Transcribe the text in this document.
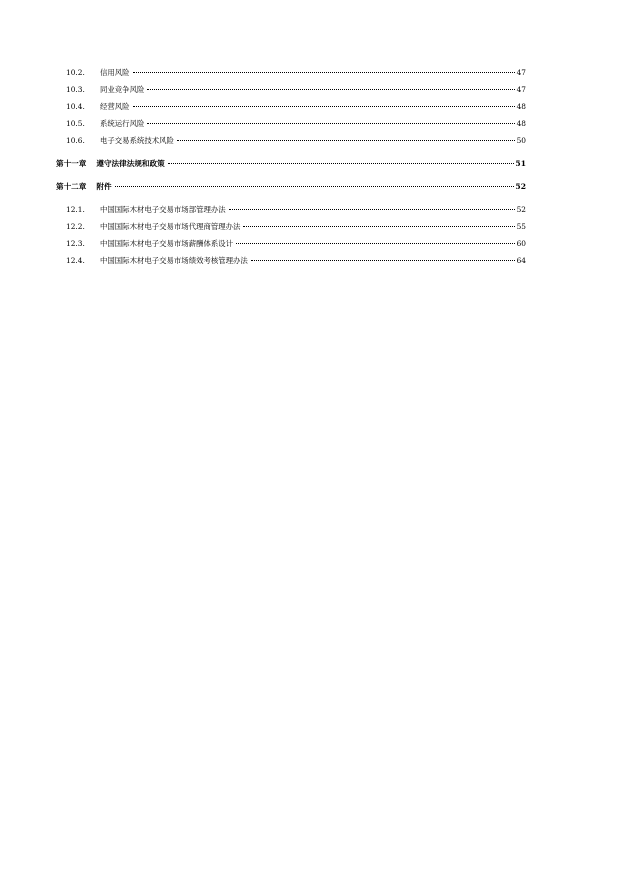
10.2.	信用风险	47
10.3.	同业竞争风险	47
10.4.	经营风险	48
10.5.	系统运行风险	48
10.6.	电子交易系统技术风险	50
第十一章 遵守法律法规和政策	51
第十二章 附件	52
12.1.	中国国际木材电子交易市场部管理办法	52
12.2.	中国国际木材电子交易市场代理商管理办法	55
12.3.	中国国际木材电子交易市场薪酬体系设计	60
12.4.	中国国际木材电子交易市场绩效考核管理办法	64
